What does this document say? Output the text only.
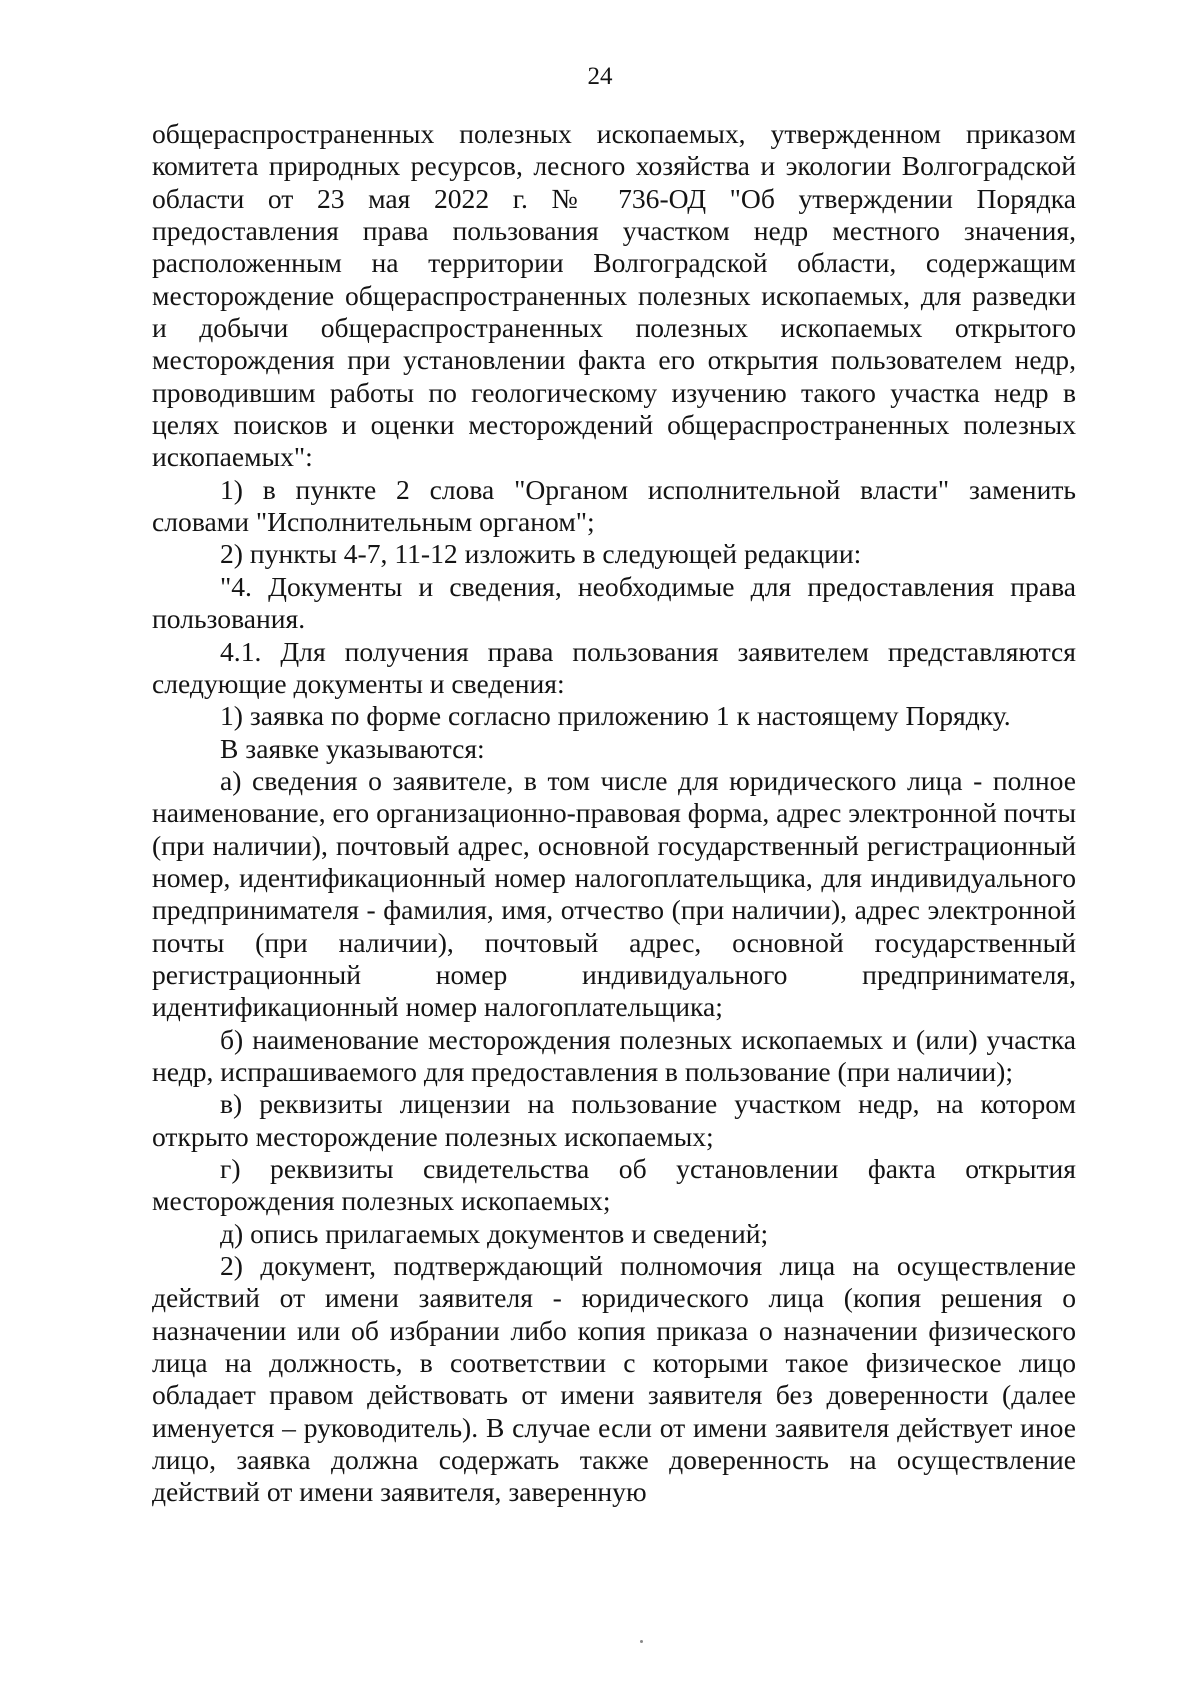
24

общераспространенных полезных ископаемых, утвержденном приказом комитета природных ресурсов, лесного хозяйства и экологии Волгоградской области от 23 мая 2022 г. № 736-ОД "Об утверждении Порядка предоставления права пользования участком недр местного значения, расположенным на территории Волгоградской области, содержащим месторождение общераспространенных полезных ископаемых, для разведки и добычи общераспространенных полезных ископаемых открытого месторождения при установлении факта его открытия пользователем недр, проводившим работы по геологическому изучению такого участка недр в целях поисков и оценки месторождений общераспространенных полезных ископаемых":

1) в пункте 2 слова "Органом исполнительной власти" заменить словами "Исполнительным органом";

2) пункты 4-7, 11-12 изложить в следующей редакции:

"4. Документы и сведения, необходимые для предоставления права пользования.

4.1. Для получения права пользования заявителем представляются следующие документы и сведения:

1) заявка по форме согласно приложению 1 к настоящему Порядку.

В заявке указываются:

а) сведения о заявителе, в том числе для юридического лица - полное наименование, его организационно-правовая форма, адрес электронной почты (при наличии), почтовый адрес, основной государственный регистрационный номер, идентификационный номер налогоплательщика, для индивидуального предпринимателя - фамилия, имя, отчество (при наличии), адрес электронной почты (при наличии), почтовый адрес, основной государственный регистрационный номер индивидуального предпринимателя, идентификационный номер налогоплательщика;

б) наименование месторождения полезных ископаемых и (или) участка недр, испрашиваемого для предоставления в пользование (при наличии);

в) реквизиты лицензии на пользование участком недр, на котором открыто месторождение полезных ископаемых;

г) реквизиты свидетельства об установлении факта открытия месторождения полезных ископаемых;

д) опись прилагаемых документов и сведений;

2) документ, подтверждающий полномочия лица на осуществление действий от имени заявителя - юридического лица (копия решения о назначении или об избрании либо копия приказа о назначении физического лица на должность, в соответствии с которыми такое физическое лицо обладает правом действовать от имени заявителя без доверенности (далее именуется – руководитель). В случае если от имени заявителя действует иное лицо, заявка должна содержать также доверенность на осуществление действий от имени заявителя, заверенную
